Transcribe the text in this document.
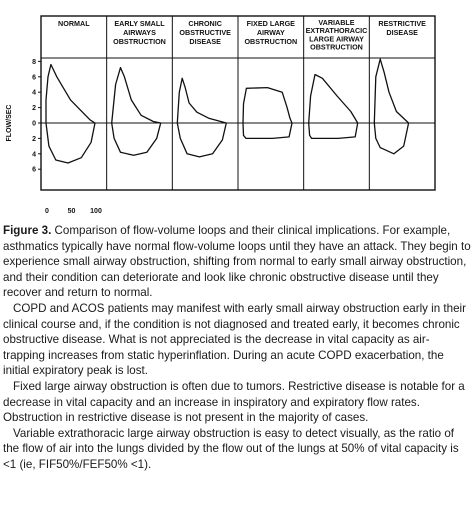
8
6
4
2
0
2
4
6
FLOW/SEC
0	50 100
NORMAL	EARLY SMALL
AIRWAYS
OBSTRUCTION
CHRONIC
OBSTRUCTIVE
DISEASE
FIXED LARGE
AIRWAY
OBSTRUCTION
VARIABLE
EXTRATHORACIC
LARGE AIRWAY
OBSTRUCTION
RESTRICTIVE
DISEASE

Figure 3. Comparison of flow-volume loops and their clinical implications. For example, asthmatics typically have normal flow-volume loops until they have an attack. They begin to experience small airway obstruction, shifting from normal to early small airway obstruction, and their condition can deteriorate and look like chronic obstructive disease until they recover and return to normal.

COPD and ACOS patients may manifest with early small airway obstruction early in their clinical course and, if the condition is not diagnosed and treated early, it becomes chronic obstructive disease. What is not appreciated is the decrease in vital capacity as air-trapping increases from static hyperinflation. During an acute COPD exacerbation, the initial expiratory peak is lost.

Fixed large airway obstruction is often due to tumors. Restrictive disease is notable for a decrease in vital capacity and an increase in inspiratory and expiratory flow rates. Obstruction in restrictive disease is not present in the majority of cases.

Variable extrathoracic large airway obstruction is easy to detect visually, as the ratio of the flow of air into the lungs divided by the flow out of the lungs at 50% of vital capacity is <1 (ie, FIF50%/FEF50% <1).
